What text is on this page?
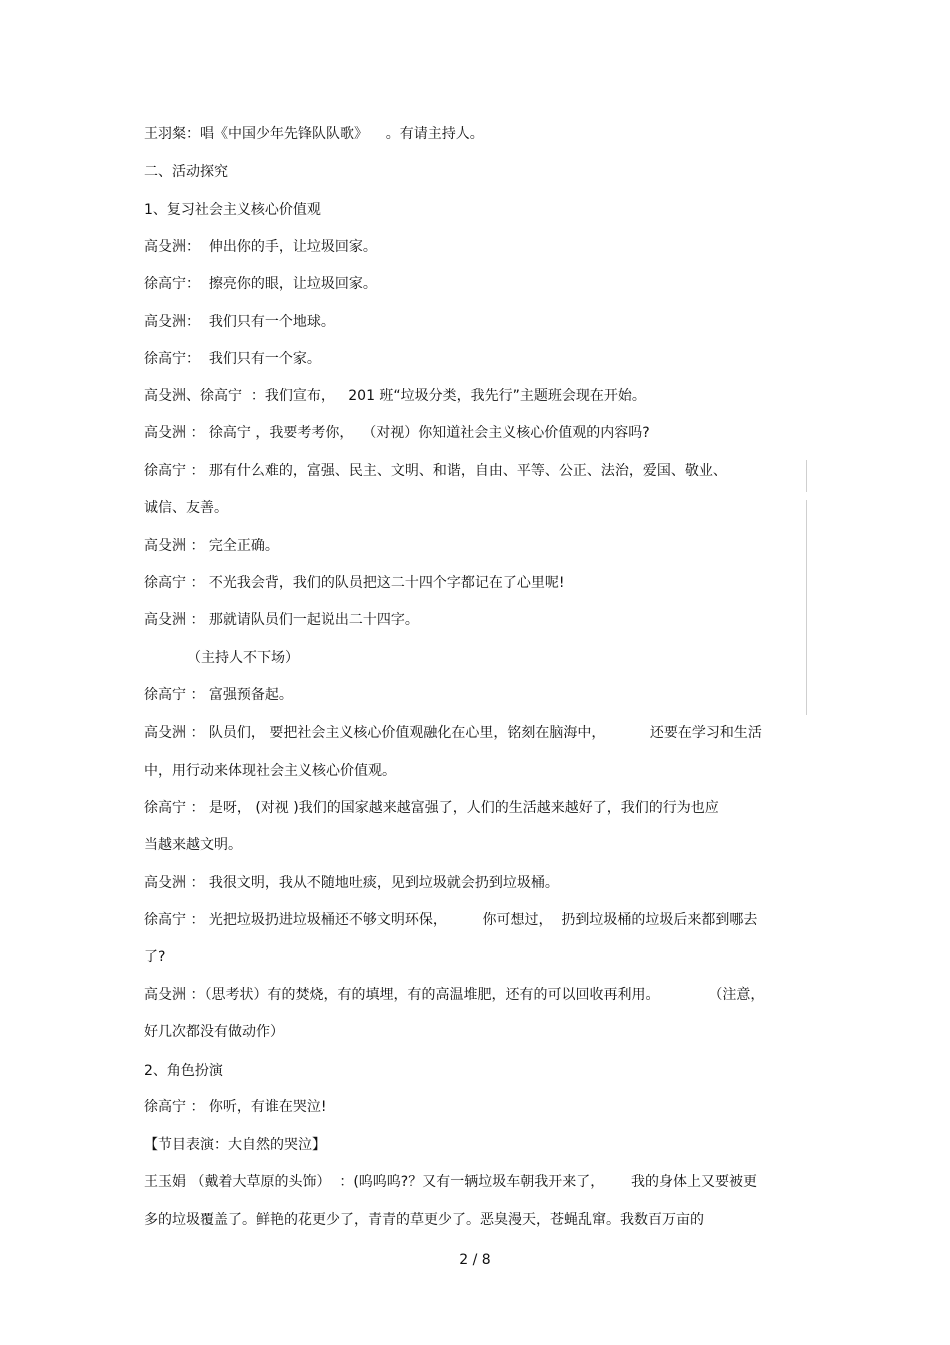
王羽粲：唱《中国少年先锋队队歌》    。有请主持人。
二、活动探究
1、复习社会主义核心价值观
高殳洲：  伸出你的手，让垃圾回家。
徐高宁：  擦亮你的眼，让垃圾回家。
高殳洲：  我们只有一个地球。
徐高宁：  我们只有一个家。
高殳洲、徐高宁  ：我们宣布，   201 班“垃圾分类，我先行”主题班会现在开始。
高殳洲 ： 徐高宁 ，我要考考你，  （对视）你知道社会主义核心价值观的内容吗?
徐高宁 ： 那有什么难的，富强、民主、文明、和谐，自由、平等、公正、法治，爱国、敬业、
诚信、友善。
高殳洲 ： 完全正确。
徐高宁 ： 不光我会背，我们的队员把这二十四个字都记在了心里呢!
高殳洲 ： 那就请队员们一起说出二十四字。
（主持人不下场）
徐高宁 ： 富强预备起。
高殳洲 ： 队员们， 要把社会主义核心价值观融化在心里，铭刻在脑海中，          还要在学习和生活
中，用行动来体现社会主义核心价值观。
徐高宁 ： 是呀， (对视 )我们的国家越来越富强了，人们的生活越来越好了，我们的行为也应
当越来越文明。
高殳洲 ： 我很文明，我从不随地吐痰，见到垃圾就会扔到垃圾桶。
徐高宁 ： 光把垃圾扔进垃圾桶还不够文明环保，        你可想过，  扔到垃圾桶的垃圾后来都到哪去
了?
高殳洲 ：（思考状）有的焚烧，有的填埋，有的高温堆肥，还有的可以回收再利用。           （注意，
好几次都没有做动作）
2、角色扮演
徐高宁 ： 你听，有谁在哭泣!
【节目表演：大自然的哭泣】
王玉娟 （戴着大草原的头饰）  ：(呜呜呜?？又有一辆垃圾车朝我开来了，      我的身体上又要被更
多的垃圾覆盖了。鲜艳的花更少了，青青的草更少了。恶臭漫天，苍蝇乱窜。我数百万亩的
2 / 8
